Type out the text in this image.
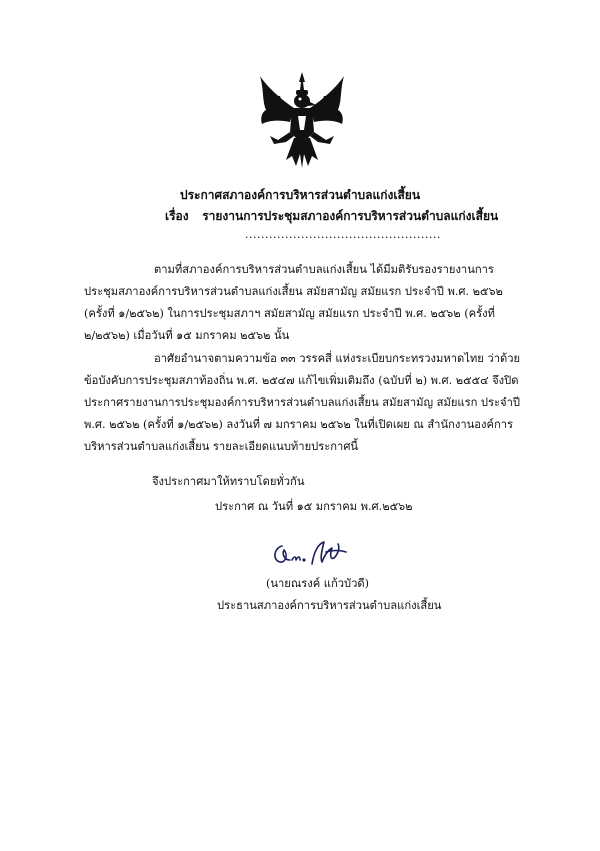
ประกาศสภาองค์การบริหารส่วนตำบลแก่งเสี้ยน
เรื่อง รายงานการประชุมสภาองค์การบริหารส่วนตำบลแก่งเสี้ยน
.................................................
ตามที่สภาองค์การบริหารส่วนตำบลแก่งเสี้ยน ได้มีมติรับรองรายงานการประชุมสภาองค์การบริหารส่วนตำบลแก่งเสี้ยน สมัยสามัญ สมัยแรก ประจำปี พ.ศ. ๒๕๖๒ (ครั้งที่ ๑/๒๕๖๒) ในการประชุมสภาฯ สมัยสามัญ สมัยแรก ประจำปี พ.ศ. ๒๕๖๒ (ครั้งที่ ๒/๒๕๖๒) เมื่อวันที่ ๑๕ มกราคม ๒๕๖๒ นั้น
อาศัยอำนาจตามความข้อ ๓๓ วรรคสี่ แห่งระเบียบกระทรวงมหาดไทย ว่าด้วยข้อบังคับการประชุมสภาท้องถิ่น พ.ศ. ๒๕๔๗ แก้ไขเพิ่มเติมถึง (ฉบับที่ ๒) พ.ศ. ๒๕๕๔ จึงปิดประกาศรายงานการประชุมองค์การบริหารส่วนตำบลแก่งเสี้ยน สมัยสามัญ สมัยแรก ประจำปี พ.ศ. ๒๕๖๒ (ครั้งที่ ๑/๒๕๖๒) ลงวันที่ ๗ มกราคม ๒๕๖๒ ในที่เปิดเผย ณ สำนักงานองค์การบริหารส่วนตำบลแก่งเสี้ยน รายละเอียดแนบท้ายประกาศนี้
จึงประกาศมาให้ทราบโดยทั่วกัน
ประกาศ ณ วันที่ ๑๕ มกราคม พ.ศ.๒๕๖๒
(นายณรงค์ แก้วบัวดี)
ประธานสภาองค์การบริหารส่วนตำบลแก่งเสี้ยน
